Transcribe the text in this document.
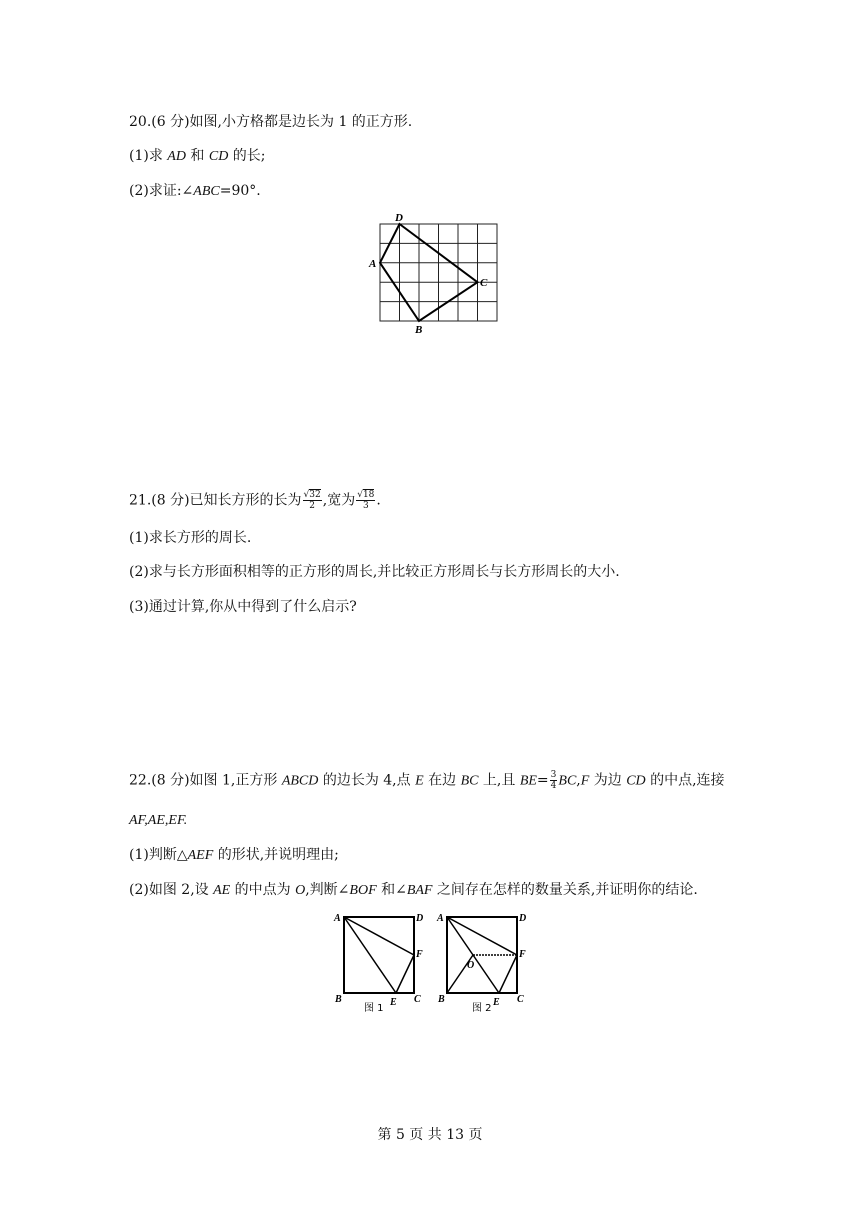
20.(6 分)如图,小方格都是边长为 1 的正方形.
(1)求 AD 和 CD 的长;
(2)求证:∠ABC=90°.
D
A
C
B
21.(8 分)已知长方形的长为 $\frac{√32}{2}$ ,宽为 $\frac{√18}{3}$ .
(1)求长方形的周长.
(2)求与长方形面积相等的正方形的周长,并比较正方形周长与长方形周长的大小.
(3)通过计算,你从中得到了什么启示?
22.(8 分)如图 1,正方形 ABCD 的边长为 4,点 E 在边 BC 上,且 $BE= \frac{3}{4} BC,F$ 为边 CD 的中点,连接
AF,AE,EF.
(1)判断△AEF 的形状,并说明理由;
(2)如图 2,设 AE 的中点为 O,判断∠BOF 和∠BAF 之间存在怎样的数量关系,并证明你的结论.
A	D
F
B	E C
图 1
A	D
F
O
B	E C
图 2
第 5 页 共 13 页
